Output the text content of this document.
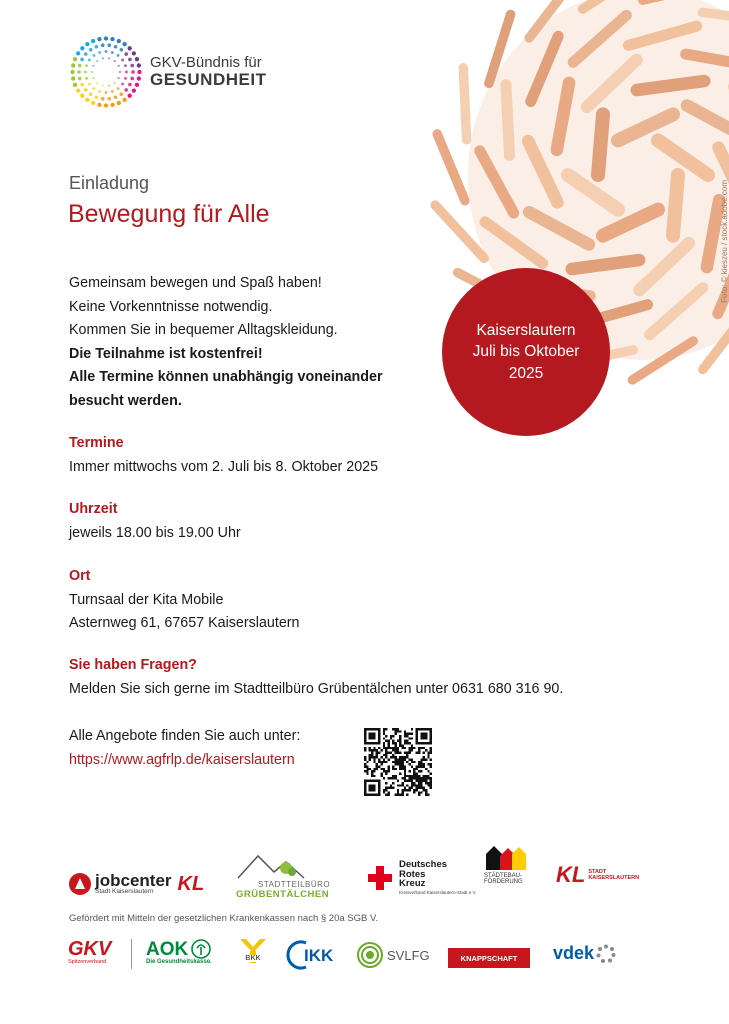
GKV-Bündnis für
GESUNDHEIT
Foto: © kieszeu / stock.adobe.com
Kaiserslautern
Juli bis Oktober
2025
Einladung
Bewegung für Alle
Gemeinsam bewegen und Spaß haben!
Keine Vorkenntnisse notwendig.
Kommen Sie in bequemer Alltagskleidung.
Die Teilnahme ist kostenfrei!
Alle Termine können unabhängig voneinander
besucht werden.
Termine
Immer mittwochs vom 2. Juli bis 8. Oktober 2025
Uhrzeit
jeweils 18.00 bis 19.00 Uhr
Ort
Turnsaal der Kita Mobile
Asternweg 61, 67657 Kaiserslautern
Sie haben Fragen?
Melden Sie sich gerne im Stadtteilbüro Grübentälchen unter 0631 680 316 90.
Alle Angebote finden Sie auch unter:
https://www.agfrlp.de/kaiserslautern
jobcenter
Stadt Kaiserslautern	KL	STADTTEILBÜRO
GRÜBENTÄLCHEN
Deutsches
Rotes
Kreuz
Kreisverband Kaiserslautern-Stadt e.V.
STÄDTEBAU-
FÖRDERUNG KL STADT
KAISERSLAUTERN
Gefördert mit Mitteln der gesetzlichen Krankenkassen nach § 20a SGB V.
GKV
Spitzenverband
AOK
Die Gesundheitskasse.	BKK	IKK	SVLFG	KNAPPSCHAFT vdek
